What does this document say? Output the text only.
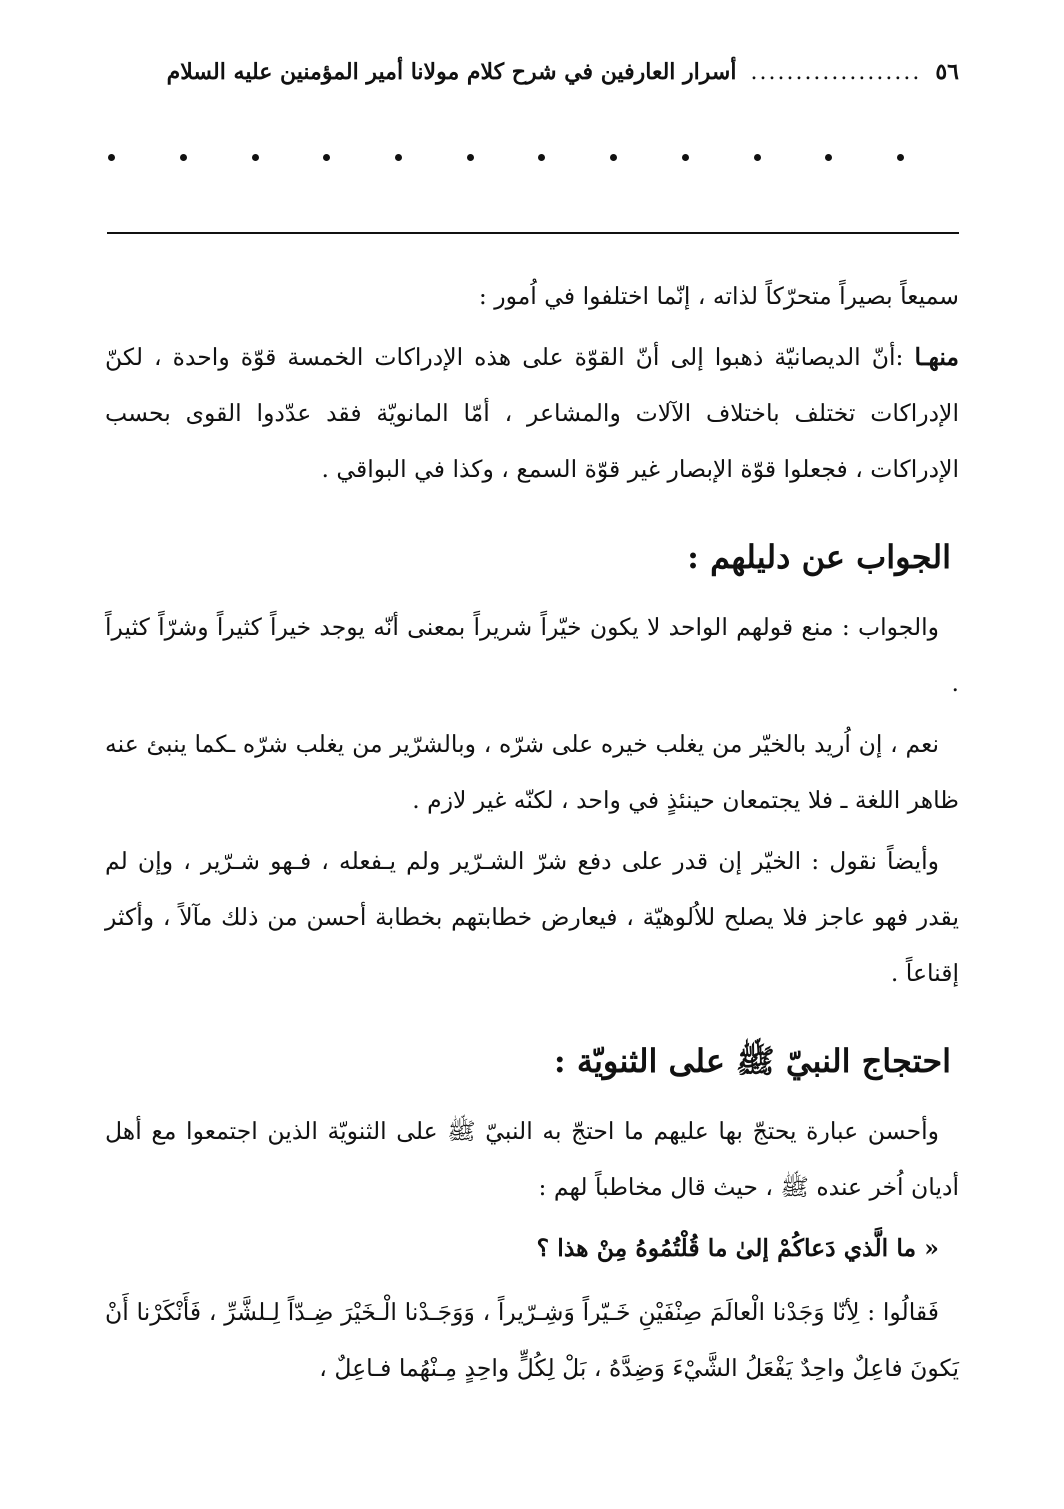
٥٦
...................
أسرار العارفين في شرح كلام مولانا أمير المؤمنين عليه السلام

سميعاً بصيراً متحرّكاً لذاته ، إنّما اختلفوا في اُمور :

منهـا :أنّ الديصانيّة ذهبوا إلى أنّ القوّة على هذه الإدراكات الخمسة قوّة واحدة ، لكنّ الإدراكات تختلف باختلاف الآلات والمشاعر ، أمّا المانويّة فقد عدّدوا القوى بحسب الإدراكات ، فجعلوا قوّة الإبصار غير قوّة السمع ، وكذا في البواقي .

الجواب عن دليلهم :

والجواب : منع قولهم الواحد لا يكون خيّراً شريراً بمعنى أنّه يوجد خيراً كثيراً وشرّاً كثيراً .

نعم ، إن اُريد بالخيّر من يغلب خيره على شرّه ، وبالشرّير من يغلب شرّه ـكما ينبئ عنه ظاهر اللغة ـ فلا يجتمعان حينئذٍ في واحد ، لكنّه غير لازم .

وأيضاً نقول : الخيّر إن قدر على دفع شرّ الشـرّير ولم يـفعله ، فـهو شـرّير ، وإن لم يقدر فهو عاجز فلا يصلح للاُلوهيّة ، فيعارض خطابتهم بخطابة أحسن من ذلك مآلاً ، وأكثر إقناعاً .

احتجاج النبيّ ﷺ على الثنويّة :

وأحسن عبارة يحتجّ بها عليهم ما احتجّ به النبيّ ﷺ على الثنويّة الذين اجتمعوا مع أهل أديان اُخر عنده ﷺ ، حيث قال مخاطباً لهم :

« ما الَّذي دَعاكُمْ إلىٰ ما قُلْتُمُوهُ مِنْ هذا ؟

فَقالُوا : لِأنّا وَجَدْنا الْعالَمَ صِنْفَيْنِ خَـيّراً وَشِـرّيراً ، وَوَجَـدْنا الْـخَيْرَ ضِـدّاً لِـلشَّرِّ ، فَأَنْكَرْنا أَنْ يَكونَ فاعِلٌ واحِدٌ يَفْعَلُ الشَّيْءَ وَضِدَّهُ ، بَلْ لِكُلٍّ واحِدٍ مِـنْهُما فـاعِلٌ ،
